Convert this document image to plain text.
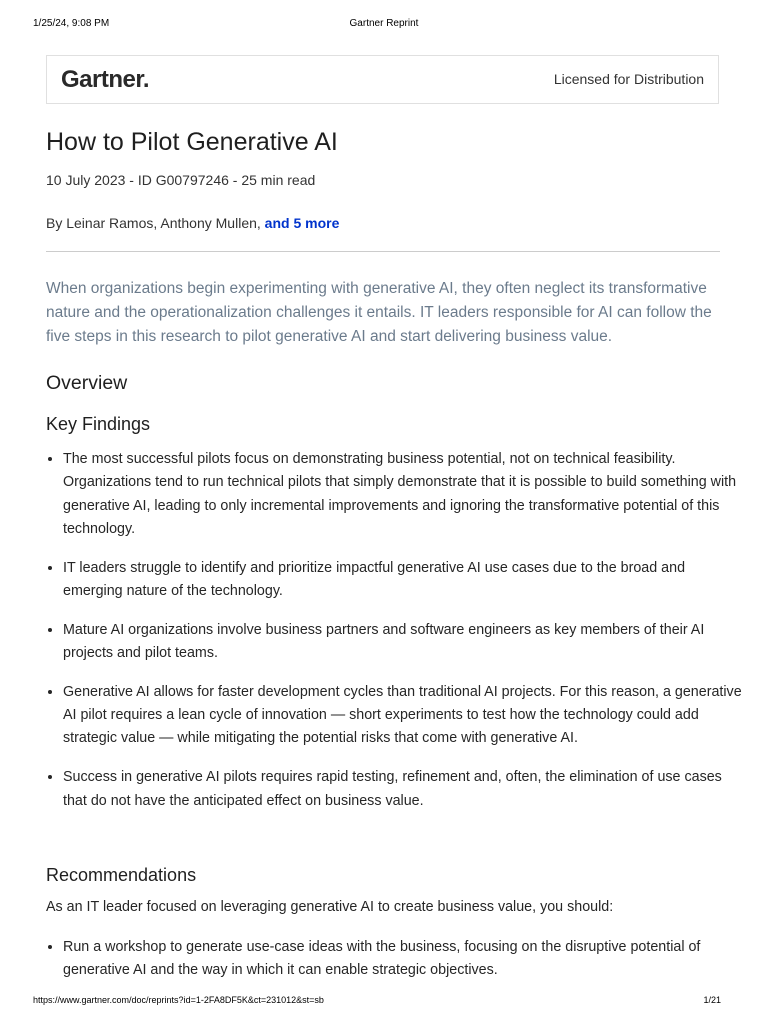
1/25/24, 9:08 PM	Gartner Reprint
Gartner.	Licensed for Distribution
How to Pilot Generative AI
10 July 2023 - ID G00797246 - 25 min read
By Leinar Ramos, Anthony Mullen, and 5 more

When organizations begin experimenting with generative AI, they often neglect its transformative nature and the operationalization challenges it entails. IT leaders responsible for AI can follow the five steps in this research to pilot generative AI and start delivering business value.

Overview
Key Findings
• The most successful pilots focus on demonstrating business potential, not on technical feasibility. Organizations tend to run technical pilots that simply demonstrate that it is possible to build something with generative AI, leading to only incremental improvements and ignoring the transformative potential of this technology.
• IT leaders struggle to identify and prioritize impactful generative AI use cases due to the broad and emerging nature of the technology.
• Mature AI organizations involve business partners and software engineers as key members of their AI projects and pilot teams.
• Generative AI allows for faster development cycles than traditional AI projects. For this reason, a generative AI pilot requires a lean cycle of innovation — short experiments to test how the technology could add strategic value — while mitigating the potential risks that come with generative AI.
• Success in generative AI pilots requires rapid testing, refinement and, often, the elimination of use cases that do not have the anticipated effect on business value.
Recommendations

As an IT leader focused on leveraging generative AI to create business value, you should:

• Run a workshop to generate use-case ideas with the business, focusing on the disruptive potential of generative AI and the way in which it can enable strategic objectives.
https://www.gartner.com/doc/reprints?id=1-2FA8DF5K&ct=231012&st=sb	1/21
